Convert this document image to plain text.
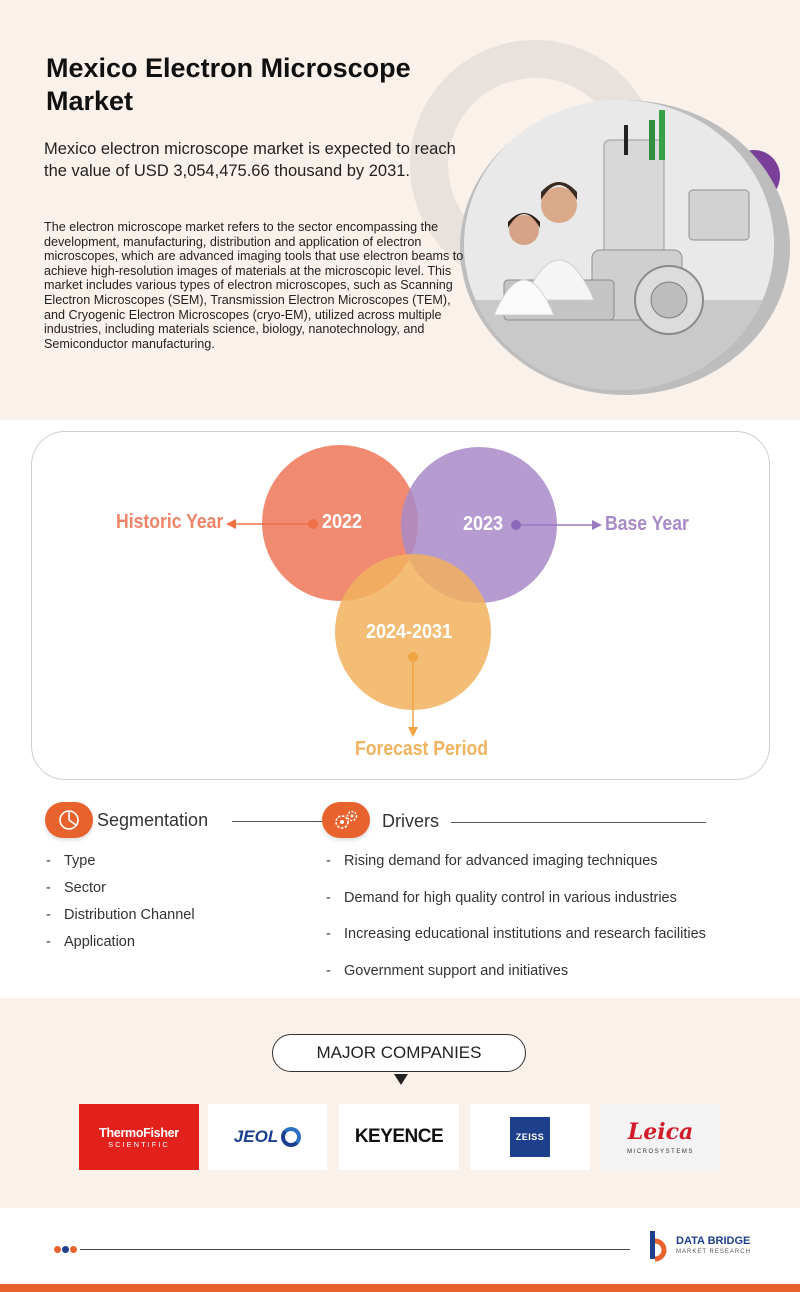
Mexico Electron Microscope Market

Mexico electron microscope market is expected to reach the value of USD 3,054,475.66 thousand by 2031.

The electron microscope market refers to the sector encompassing the development, manufacturing, distribution and application of electron microscopes, which are advanced imaging tools that use electron beams to achieve high-resolution images of materials at the microscopic level. This market includes various types of electron microscopes, such as Scanning Electron Microscopes (SEM), Transmission Electron Microscopes (TEM), and Cryogenic Electron Microscopes (cryo-EM), utilized across multiple industries, including materials science, biology, nanotechnology, and Semiconductor manufacturing.

Historic Year	2022	2023	Base Year
2024-2031
Forecast Period
Segmentation
- Type
- Sector
- Distribution Channel
- Application
Drivers
- Rising demand for advanced imaging techniques
- Demand for high quality control in various industries
- Increasing educational institutions and research facilities
- Government support and initiatives
MAJOR COMPANIES
ThermoFisher
SCIENTIFIC	JEOL	KEYENCE	ZEISS	Leica
MICROSYSTEMS
DATA BRIDGE
MARKET RESEARCH
